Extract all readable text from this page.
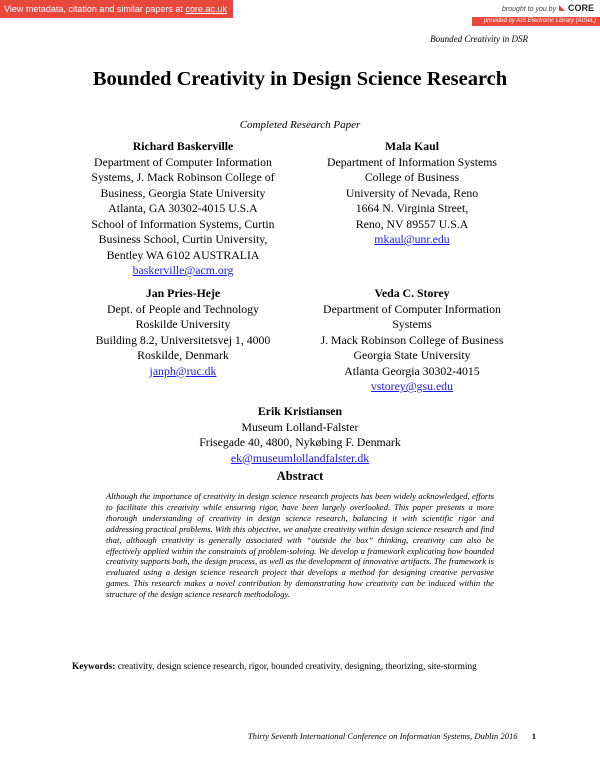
View metadata, citation and similar papers at core.ac.uk	brought to you by CORE
provided by AIS Electronic Library (AISeL)
Bounded Creativity in DSR
Bounded Creativity in Design Science Research
Completed Research Paper
Richard Baskerville
Department of Computer Information
Systems, J. Mack Robinson College of
Business, Georgia State University
Atlanta, GA 30302-4015 U.S.A
School of Information Systems, Curtin
Business School, Curtin University,
Bentley WA 6102 AUSTRALIA
baskerville@acm.org
Mala Kaul
Department of Information Systems
College of Business
University of Nevada, Reno
1664 N. Virginia Street,
Reno, NV 89557 U.S.A
mkaul@unr.edu
Jan Pries-Heje
Dept. of People and Technology
Roskilde University
Building 8.2, Universitetsvej 1, 4000
Roskilde, Denmark
janph@ruc.dk
Veda C. Storey
Department of Computer Information
Systems
J. Mack Robinson College of Business
Georgia State University
Atlanta Georgia 30302-4015
vstorey@gsu.edu
Erik Kristiansen
Museum Lolland-Falster
Frisegade 40, 4800, Nykøbing F. Denmark
ek@museumlollandfalster.dk
Abstract
Although the importance of creativity in design science research projects has been widely acknowledged, efforts to facilitate this creativity while ensuring rigor, have been largely overlooked. This paper presents a more thorough understanding of creativity in design science research, balancing it with scientific rigor and addressing practical problems. With this objective, we analyze creativity within design science research and find that, although creativity is generally associated with “outside the box” thinking, creativity can also be effectively applied within the constraints of problem-solving. We develop a framework explicating how bounded creativity supports both, the design process, as well as the development of innovative artifacts. The framework is evaluated using a design science research project that develops a method for designing creative pervasive games. This research makes a novel contribution by demonstrating how creativity can be induced within the structure of the design science research methodology.
Keywords: creativity, design science research, rigor, bounded creativity, designing, theorizing, site-storming
Thirty Seventh International Conference on Information Systems, Dublin 2016 1
